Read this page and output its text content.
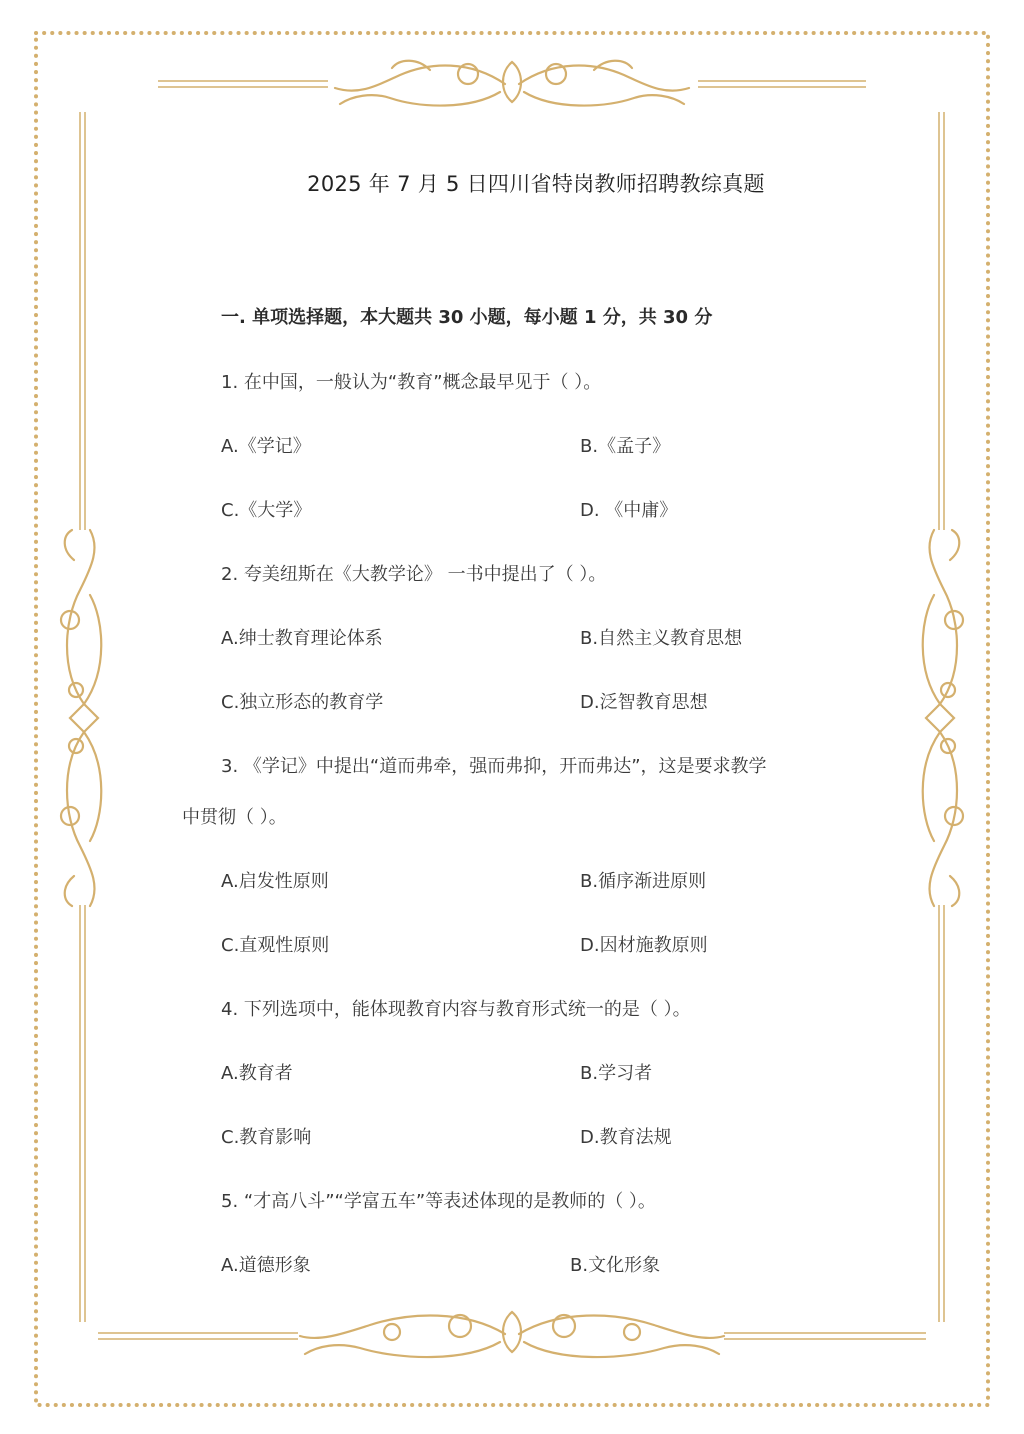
2025 年 7 月 5 日四川省特岗教师招聘教综真题
一. 单项选择题，本大题共 30 小题，每小题 1 分，共 30 分
1. 在中国，一般认为“教育”概念最早见于（ ）。
A.《学记》	B.《孟子》
C.《大学》	D. 《中庸》
2. 夸美纽斯在《大教学论》 一书中提出了（ ）。
A.绅士教育理论体系	B.自然主义教育思想
C.独立形态的教育学	D.泛智教育思想
3. 《学记》中提出“道而弗牵，强而弗抑，开而弗达”，这是要求教学
中贯彻（ ）。
A.启发性原则	B.循序渐进原则
C.直观性原则	D.因材施教原则
4. 下列选项中，能体现教育内容与教育形式统一的是（ ）。
A.教育者	B.学习者
C.教育影响	D.教育法规
5. “才高八斗”“学富五车”等表述体现的是教师的（ ）。
A.道德形象	B.文化形象
